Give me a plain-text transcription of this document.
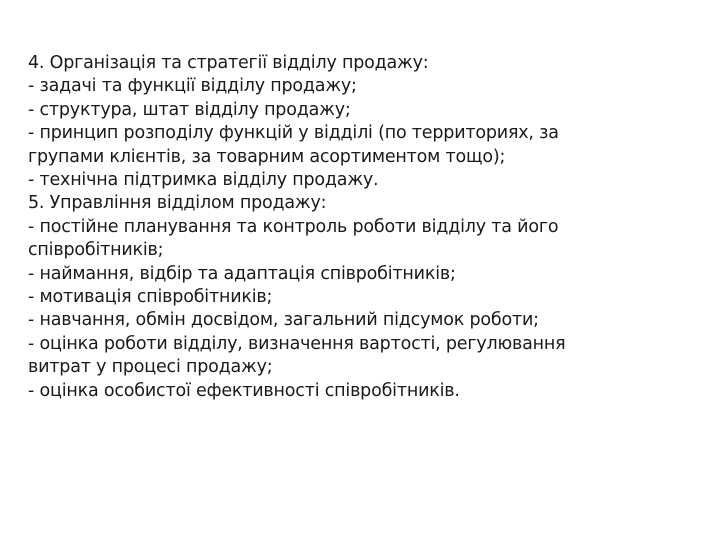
4. Організація та стратегії відділу продажу:
- задачі та функції відділу продажу;
- структура, штат відділу продажу;
- принцип розподілу функцій у відділі (по территориях, за
групами клієнтів, за товарним асортиментом тощо);
- технічна підтримка відділу продажу.
5. Управління відділом продажу:
- постійне планування та контроль роботи відділу та його
співробітників;
- наймання, відбір та адаптація співробітників;
- мотивація співробітників;
- навчання, обмін досвідом, загальний підсумок роботи;
- оцінка роботи відділу, визначення вартості, регулювання
витрат у процесі продажу;
- оцінка особистої ефективності співробітників.
